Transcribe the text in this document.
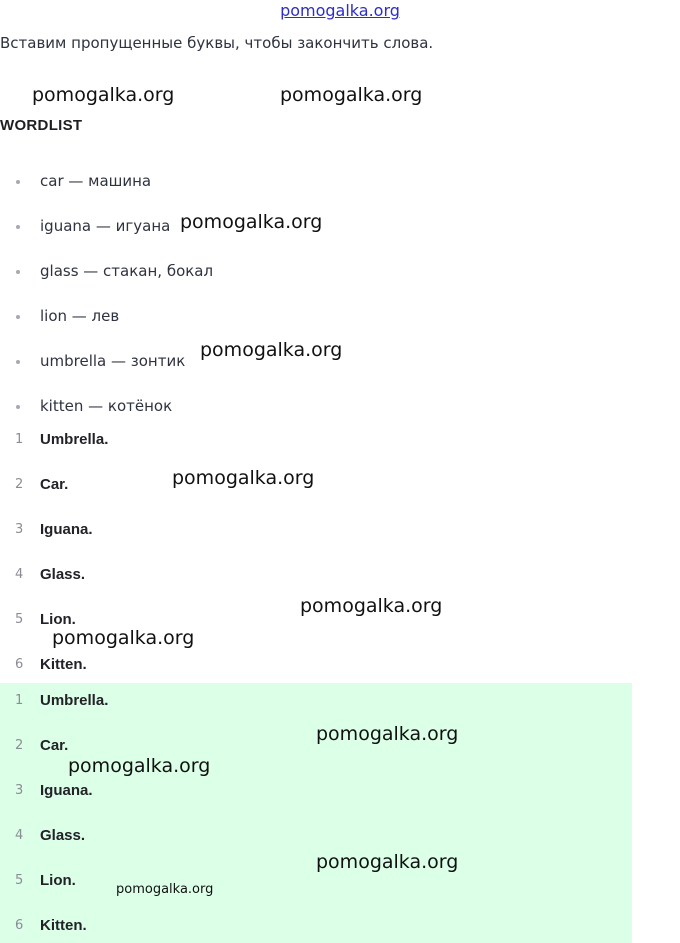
pomogalka.org
Вставим пропущенные буквы, чтобы закончить слова.
WORDLIST
car — машина
iguana — игуана
glass — стакан, бокал
lion — лев
umbrella — зонтик
kitten — котёнок
1 Umbrella.
2 Car.
3 Iguana.
4 Glass.
5 Lion.
6 Kitten.
1 Umbrella.
2 Car.
3 Iguana.
4 Glass.
5 Lion.
6 Kitten.
pomogalka.org	pomogalka.org
pomogalka.org
pomogalka.org
pomogalka.org
pomogalka.org
pomogalka.org
pomogalka.org
pomogalka.org
pomogalka.org
pomogalka.org
